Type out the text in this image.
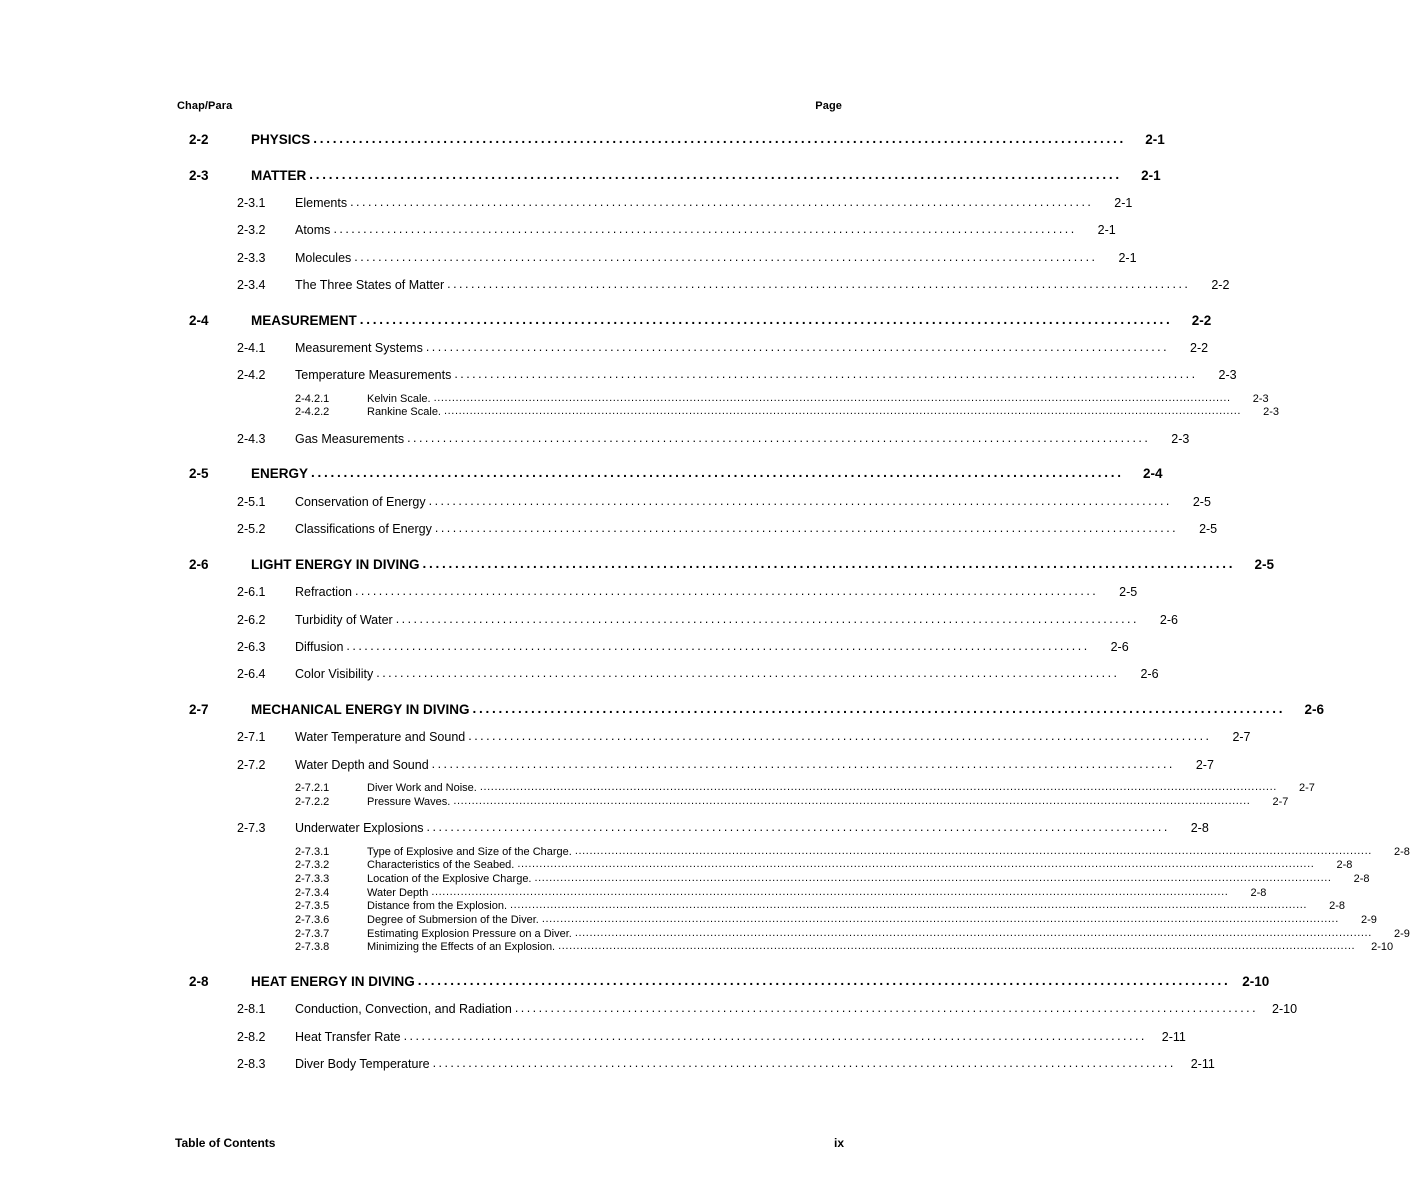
Chap/Para	Page
2-2	PHYSICS . . .	2-1
2-3	MATTER . . .	2-1
2-3.1	Elements . . .	2-1
2-3.2	Atoms . . .	2-1
2-3.3	Molecules . . .	2-1
2-3.4	The Three States of Matter . . .	2-2
2-4	MEASUREMENT . . .	2-2
2-4.1	Measurement Systems . . .	2-2
2-4.2	Temperature Measurements . . .	2-3
2-4.2.1	Kelvin Scale. .....	2-3
2-4.2.2	Rankine Scale. .....	2-3
2-4.3	Gas Measurements . . .	2-3
2-5	ENERGY . . .	2-4
2-5.1	Conservation of Energy . . .	2-5
2-5.2	Classifications of Energy . . .	2-5
2-6	LIGHT ENERGY IN DIVING . . .	2-5
2-6.1	Refraction . . .	2-5
2-6.2	Turbidity of Water . . .	2-6
2-6.3	Diffusion . . .	2-6
2-6.4	Color Visibility . . .	2-6
2-7	MECHANICAL ENERGY IN DIVING . . .	2-6
2-7.1	Water Temperature and Sound . . .	2-7
2-7.2	Water Depth and Sound . . .	2-7
2-7.2.1	Diver Work and Noise. .....	2-7
2-7.2.2	Pressure Waves. .....	2-7
2-7.3	Underwater Explosions . . .	2-8
2-7.3.1	Type of Explosive and Size of the Charge. .....	2-8
2-7.3.2	Characteristics of the Seabed. .....	2-8
2-7.3.3	Location of the Explosive Charge. .....	2-8
2-7.3.4	Water Depth .....	2-8
2-7.3.5	Distance from the Explosion. .....	2-8
2-7.3.6	Degree of Submersion of the Diver. .....	2-9
2-7.3.7	Estimating Explosion Pressure on a Diver. .....	2-9
2-7.3.8	Minimizing the Effects of an Explosion. .....	2-10
2-8	HEAT ENERGY IN DIVING . . .	2-10
2-8.1	Conduction, Convection, and Radiation . . .	2-10
2-8.2	Heat Transfer Rate . . .	2-11
2-8.3	Diver Body Temperature . . .	2-11
Table of Contents	ix
